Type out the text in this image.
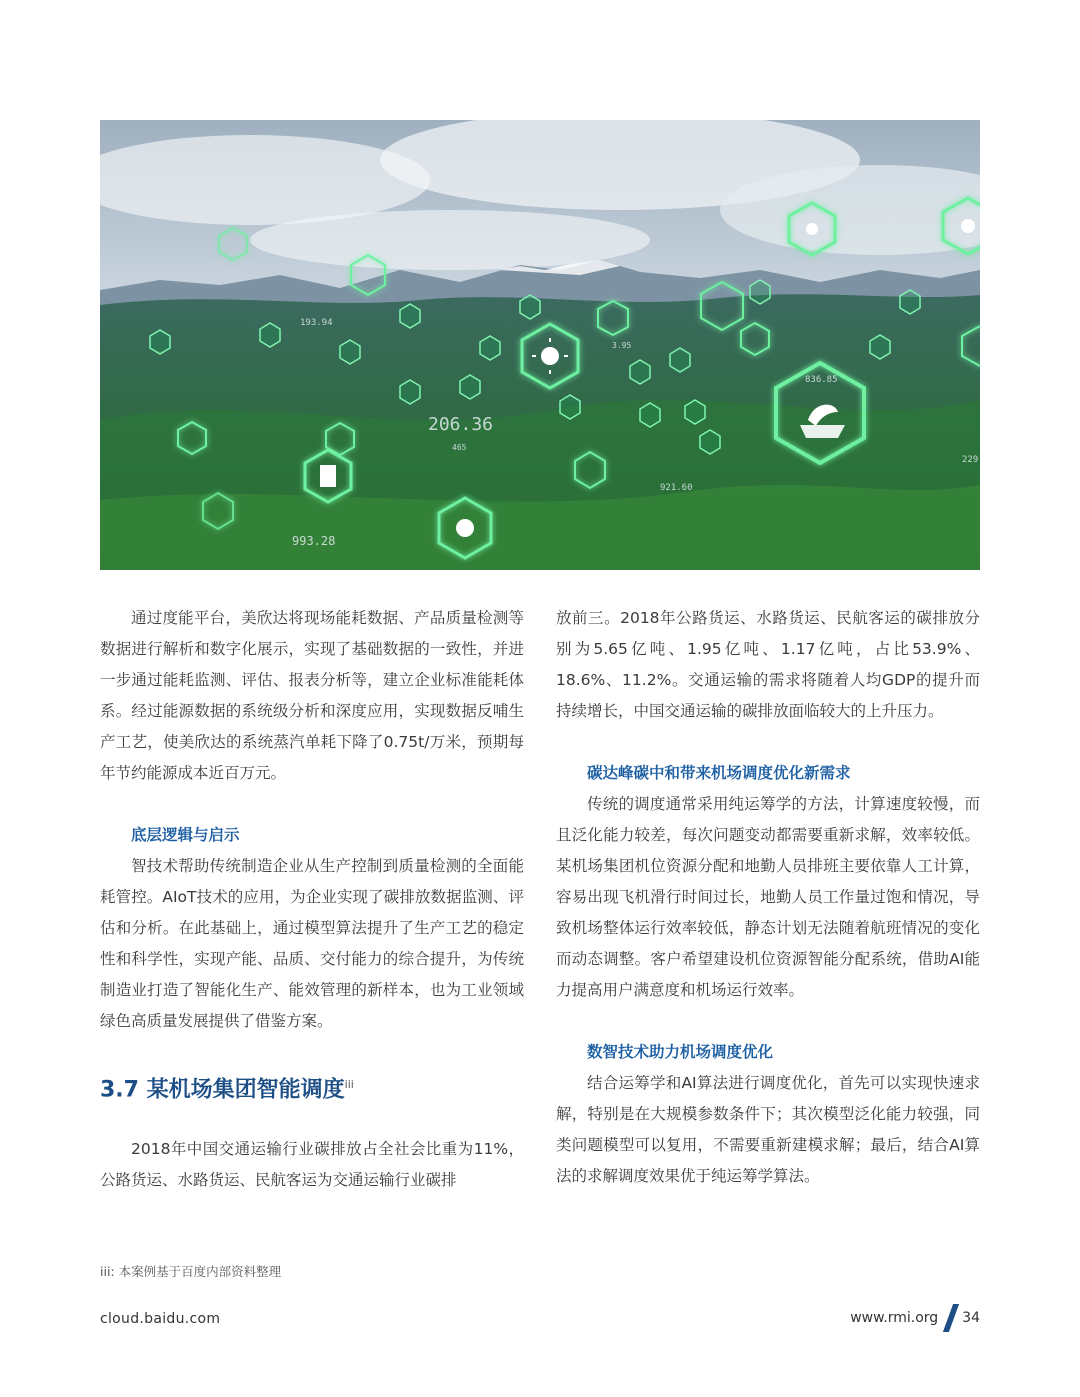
193.94
206.36
465
921.60
993.28
3.95
836.85
229

通过度能平台，美欣达将现场能耗数据、产品质量检测等数据进行解析和数字化展示，实现了基础数据的一致性，并进一步通过能耗监测、评估、报表分析等，建立企业标准能耗体系。经过能源数据的系统级分析和深度应用，实现数据反哺生产工艺，使美欣达的系统蒸汽单耗下降了0.75t/万米，预期每年节约能源成本近百万元。

底层逻辑与启示

智技术帮助传统制造企业从生产控制到质量检测的全面能耗管控。AIoT技术的应用，为企业实现了碳排放数据监测、评估和分析。在此基础上，通过模型算法提升了生产工艺的稳定性和科学性，实现产能、品质、交付能力的综合提升，为传统制造业打造了智能化生产、能效管理的新样本，也为工业领域绿色高质量发展提供了借鉴方案。

3.7 某机场集团智能调度$^{iii}$

2018年中国交通运输行业碳排放占全社会比重为11%，公路货运、水路货运、民航客运为交通运输行业碳排

放前三。2018年公路货运、水路货运、民航客运的碳排放分别为5.65亿吨、1.95亿吨、1.17亿吨，占比53.9%、18.6%、11.2%。交通运输的需求将随着人均GDP的提升而持续增长，中国交通运输的碳排放面临较大的上升压力。

碳达峰碳中和带来机场调度优化新需求

传统的调度通常采用纯运筹学的方法，计算速度较慢，而且泛化能力较差，每次问题变动都需要重新求解，效率较低。某机场集团机位资源分配和地勤人员排班主要依靠人工计算，容易出现飞机滑行时间过长，地勤人员工作量过饱和情况，导致机场整体运行效率较低，静态计划无法随着航班情况的变化而动态调整。客户希望建设机位资源智能分配系统，借助AI能力提高用户满意度和机场运行效率。

数智技术助力机场调度优化

结合运筹学和AI算法进行调度优化，首先可以实现快速求解，特别是在大规模参数条件下；其次模型泛化能力较强，同类问题模型可以复用，不需要重新建模求解；最后，结合AI算法的求解调度效果优于纯运筹学算法。

iii: 本案例基于百度内部资料整理
cloud.baidu.com	www.rmi.org 34
